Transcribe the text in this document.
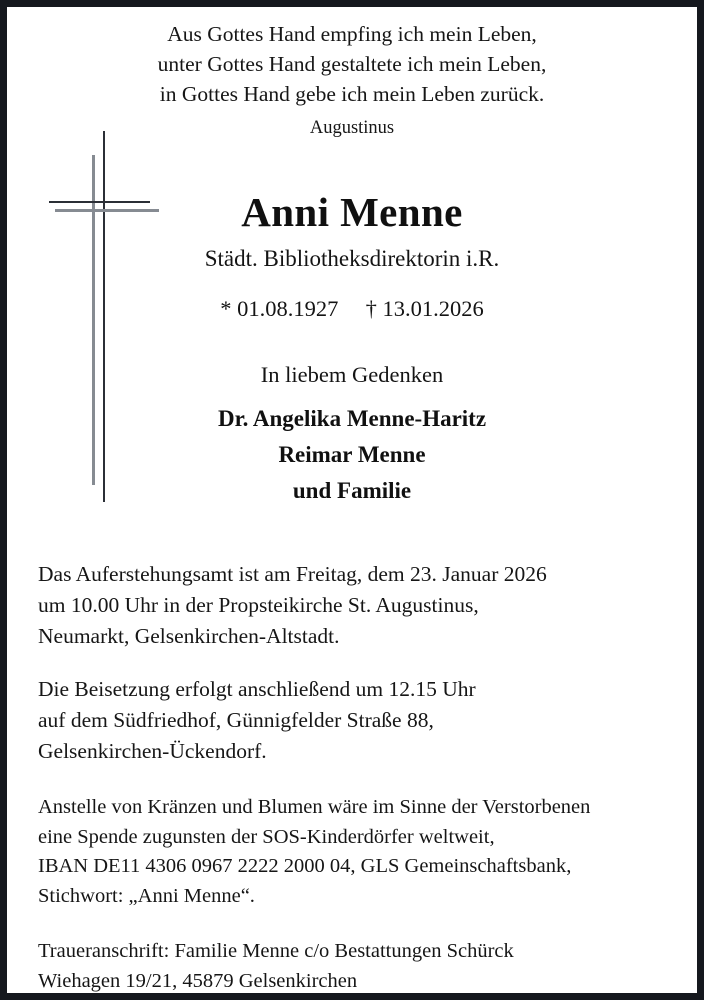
Aus Gottes Hand empfing ich mein Leben,
unter Gottes Hand gestaltete ich mein Leben,
in Gottes Hand gebe ich mein Leben zurück.
Augustinus
Anni Menne
Städt. Bibliotheksdirektorin i.R.
* 01.08.1927 † 13.01.2026
In liebem Gedenken
Dr. Angelika Menne-Haritz
Reimar Menne
und Familie
Das Auferstehungsamt ist am Freitag, dem 23. Januar 2026
um 10.00 Uhr in der Propsteikirche St. Augustinus,
Neumarkt, Gelsenkirchen-Altstadt.
Die Beisetzung erfolgt anschließend um 12.15 Uhr
auf dem Südfriedhof, Günnigfelder Straße 88,
Gelsenkirchen-Ückendorf.
Anstelle von Kränzen und Blumen wäre im Sinne der Verstorbenen
eine Spende zugunsten der SOS-Kinderdörfer weltweit,
IBAN DE11 4306 0967 2222 2000 04, GLS Gemeinschaftsbank,
Stichwort: „Anni Menne“.
Traueranschrift: Familie Menne c/o Bestattungen Schürck
Wiehagen 19/21, 45879 Gelsenkirchen
